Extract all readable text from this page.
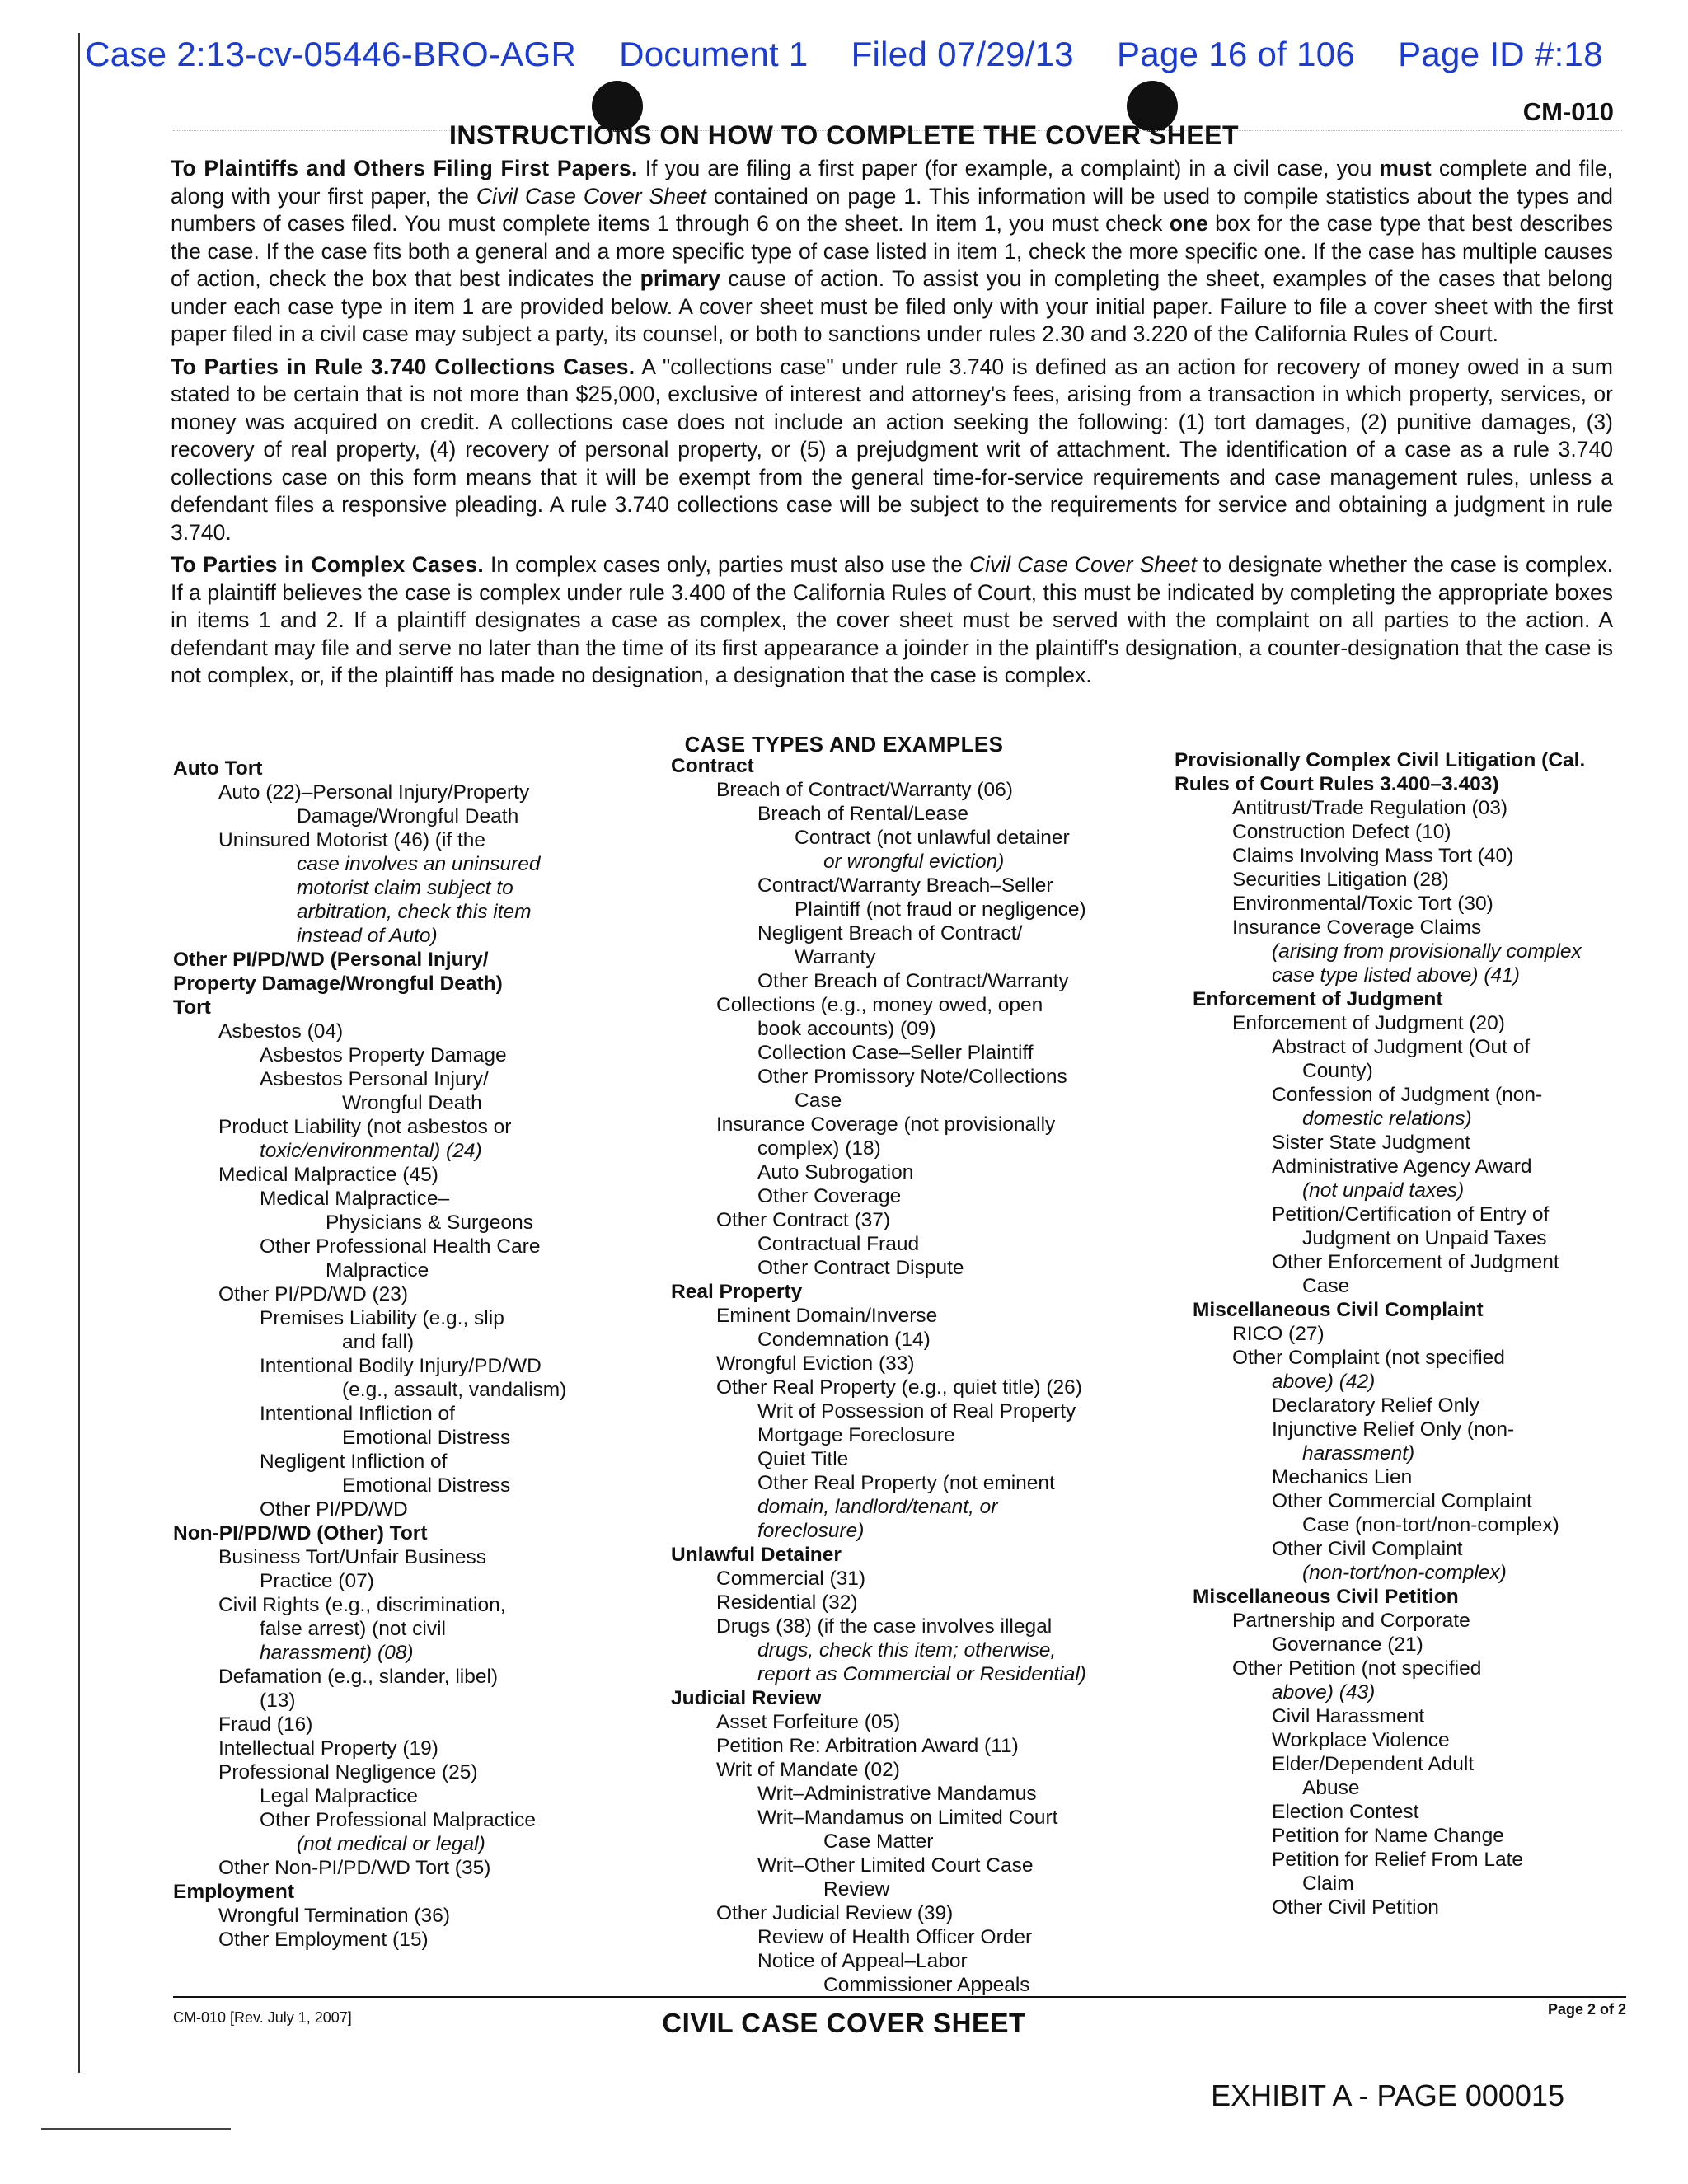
Case 2:13-cv-05446-BRO-AGR Document 1 Filed 07/29/13 Page 16 of 106 Page ID #:18
CM-010
INSTRUCTIONS ON HOW TO COMPLETE THE COVER SHEET

To Plaintiffs and Others Filing First Papers. If you are filing a first paper (for example, a complaint) in a civil case, you must complete and file, along with your first paper, the Civil Case Cover Sheet contained on page 1. This information will be used to compile statistics about the types and numbers of cases filed. You must complete items 1 through 6 on the sheet. In item 1, you must check one box for the case type that best describes the case. If the case fits both a general and a more specific type of case listed in item 1, check the more specific one. If the case has multiple causes of action, check the box that best indicates the primary cause of action. To assist you in completing the sheet, examples of the cases that belong under each case type in item 1 are provided below. A cover sheet must be filed only with your initial paper. Failure to file a cover sheet with the first paper filed in a civil case may subject a party, its counsel, or both to sanctions under rules 2.30 and 3.220 of the California Rules of Court.

To Parties in Rule 3.740 Collections Cases. A "collections case" under rule 3.740 is defined as an action for recovery of money owed in a sum stated to be certain that is not more than $25,000, exclusive of interest and attorney's fees, arising from a transaction in which property, services, or money was acquired on credit. A collections case does not include an action seeking the following: (1) tort damages, (2) punitive damages, (3) recovery of real property, (4) recovery of personal property, or (5) a prejudgment writ of attachment. The identification of a case as a rule 3.740 collections case on this form means that it will be exempt from the general time-for-service requirements and case management rules, unless a defendant files a responsive pleading. A rule 3.740 collections case will be subject to the requirements for service and obtaining a judgment in rule 3.740.

To Parties in Complex Cases. In complex cases only, parties must also use the Civil Case Cover Sheet to designate whether the case is complex. If a plaintiff believes the case is complex under rule 3.400 of the California Rules of Court, this must be indicated by completing the appropriate boxes in items 1 and 2. If a plaintiff designates a case as complex, the cover sheet must be served with the complaint on all parties to the action. A defendant may file and serve no later than the time of its first appearance a joinder in the plaintiff's designation, a counter-designation that the case is not complex, or, if the plaintiff has made no designation, a designation that the case is complex.

CASE TYPES AND EXAMPLES
Auto Tort
Auto (22)–Personal Injury/Property
Damage/Wrongful Death
Uninsured Motorist (46) (if the
case involves an uninsured
motorist claim subject to
arbitration, check this item
instead of Auto)
Other PI/PD/WD (Personal Injury/
Property Damage/Wrongful Death)
Tort
Asbestos (04)
Asbestos Property Damage
Asbestos Personal Injury/
Wrongful Death
Product Liability (not asbestos or
toxic/environmental) (24)
Medical Malpractice (45)
Medical Malpractice–
Physicians & Surgeons
Other Professional Health Care
Malpractice
Other PI/PD/WD (23)
Premises Liability (e.g., slip
and fall)
Intentional Bodily Injury/PD/WD
(e.g., assault, vandalism)
Intentional Infliction of
Emotional Distress
Negligent Infliction of
Emotional Distress
Other PI/PD/WD
Non-PI/PD/WD (Other) Tort
Business Tort/Unfair Business
Practice (07)
Civil Rights (e.g., discrimination,
false arrest) (not civil
harassment) (08)
Defamation (e.g., slander, libel)
(13)
Fraud (16)
Intellectual Property (19)
Professional Negligence (25)
Legal Malpractice
Other Professional Malpractice
(not medical or legal)
Other Non-PI/PD/WD Tort (35)
Employment
Wrongful Termination (36)
Other Employment (15)
Contract
Breach of Contract/Warranty (06)
Breach of Rental/Lease
Contract (not unlawful detainer
or wrongful eviction)
Contract/Warranty Breach–Seller
Plaintiff (not fraud or negligence)
Negligent Breach of Contract/
Warranty
Other Breach of Contract/Warranty
Collections (e.g., money owed, open
book accounts) (09)
Collection Case–Seller Plaintiff
Other Promissory Note/Collections
Case
Insurance Coverage (not provisionally
complex) (18)
Auto Subrogation
Other Coverage
Other Contract (37)
Contractual Fraud
Other Contract Dispute
Real Property
Eminent Domain/Inverse
Condemnation (14)
Wrongful Eviction (33)
Other Real Property (e.g., quiet title) (26)
Writ of Possession of Real Property
Mortgage Foreclosure
Quiet Title
Other Real Property (not eminent
domain, landlord/tenant, or
foreclosure)
Unlawful Detainer
Commercial (31)
Residential (32)
Drugs (38) (if the case involves illegal
drugs, check this item; otherwise,
report as Commercial or Residential)
Judicial Review
Asset Forfeiture (05)
Petition Re: Arbitration Award (11)
Writ of Mandate (02)
Writ–Administrative Mandamus
Writ–Mandamus on Limited Court
Case Matter
Writ–Other Limited Court Case
Review
Other Judicial Review (39)
Review of Health Officer Order
Notice of Appeal–Labor
Commissioner Appeals
Provisionally Complex Civil Litigation (Cal.
Rules of Court Rules 3.400–3.403)
Antitrust/Trade Regulation (03)
Construction Defect (10)
Claims Involving Mass Tort (40)
Securities Litigation (28)
Environmental/Toxic Tort (30)
Insurance Coverage Claims
(arising from provisionally complex
case type listed above) (41)
Enforcement of Judgment
Enforcement of Judgment (20)
Abstract of Judgment (Out of
County)
Confession of Judgment (non-
domestic relations)
Sister State Judgment
Administrative Agency Award
(not unpaid taxes)
Petition/Certification of Entry of
Judgment on Unpaid Taxes
Other Enforcement of Judgment
Case
Miscellaneous Civil Complaint
RICO (27)
Other Complaint (not specified
above) (42)
Declaratory Relief Only
Injunctive Relief Only (non-
harassment)
Mechanics Lien
Other Commercial Complaint
Case (non-tort/non-complex)
Other Civil Complaint
(non-tort/non-complex)
Miscellaneous Civil Petition
Partnership and Corporate
Governance (21)
Other Petition (not specified
above) (43)
Civil Harassment
Workplace Violence
Elder/Dependent Adult
Abuse
Election Contest
Petition for Name Change
Petition for Relief From Late
Claim
Other Civil Petition
CM-010 [Rev. July 1, 2007]	CIVIL CASE COVER SHEET	Page 2 of 2
EXHIBIT A - PAGE 000015
